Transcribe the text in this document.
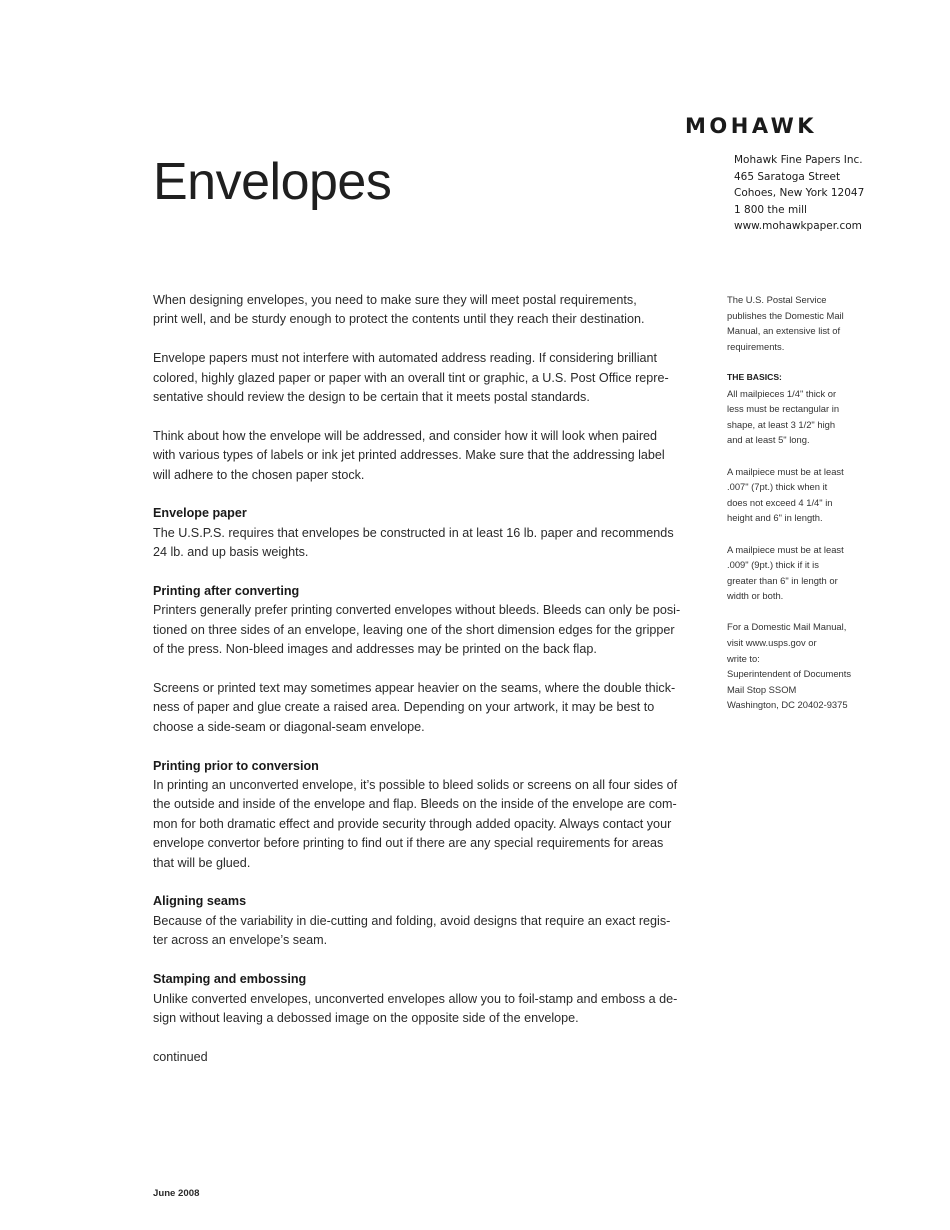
MOHAWK
Mohawk Fine Papers Inc.
465 Saratoga Street
Cohoes, New York 12047
1 800 the mill
www.mohawkpaper.com
Envelopes

When designing envelopes, you need to make sure they will meet postal requirements,
print well, and be sturdy enough to protect the contents until they reach their destination.

Envelope papers must not interfere with automated address reading. If considering brilliant
colored, highly glazed paper or paper with an overall tint or graphic, a U.S. Post Office repre-
sentative should review the design to be certain that it meets postal standards.

Think about how the envelope will be addressed, and consider how it will look when paired
with various types of labels or ink jet printed addresses. Make sure that the addressing label
will adhere to the chosen paper stock.

Envelope paper

The U.S.P.S. requires that envelopes be constructed in at least 16 lb. paper and recommends
24 lb. and up basis weights.

Printing after converting

Printers generally prefer printing converted envelopes without bleeds. Bleeds can only be posi-
tioned on three sides of an envelope, leaving one of the short dimension edges for the gripper
of the press. Non-bleed images and addresses may be printed on the back flap.

Screens or printed text may sometimes appear heavier on the seams, where the double thick-
ness of paper and glue create a raised area. Depending on your artwork, it may be best to
choose a side-seam or diagonal-seam envelope.

Printing prior to conversion

In printing an unconverted envelope, it’s possible to bleed solids or screens on all four sides of
the outside and inside of the envelope and flap. Bleeds on the inside of the envelope are com-
mon for both dramatic effect and provide security through added opacity. Always contact your
envelope convertor before printing to find out if there are any special requirements for areas
that will be glued.

Aligning seams

Because of the variability in die-cutting and folding, avoid designs that require an exact regis-
ter across an envelope’s seam.

Stamping and embossing

Unlike converted envelopes, unconverted envelopes allow you to foil-stamp and emboss a de-
sign without leaving a debossed image on the opposite side of the envelope.

continued

The U.S. Postal Service
publishes the Domestic Mail
Manual, an extensive list of
requirements.

THE BASICS:
All mailpieces 1/4" thick or
less must be rectangular in
shape, at least 3 1/2" high
and at least 5" long.

A mailpiece must be at least
.007" (7pt.) thick when it
does not exceed 4 1/4" in
height and 6" in length.

A mailpiece must be at least
.009" (9pt.) thick if it is
greater than 6" in length or
width or both.

For a Domestic Mail Manual,
visit www.usps.gov or
write to:
Superintendent of Documents
Mail Stop SSOM
Washington, DC 20402-9375

June 2008
